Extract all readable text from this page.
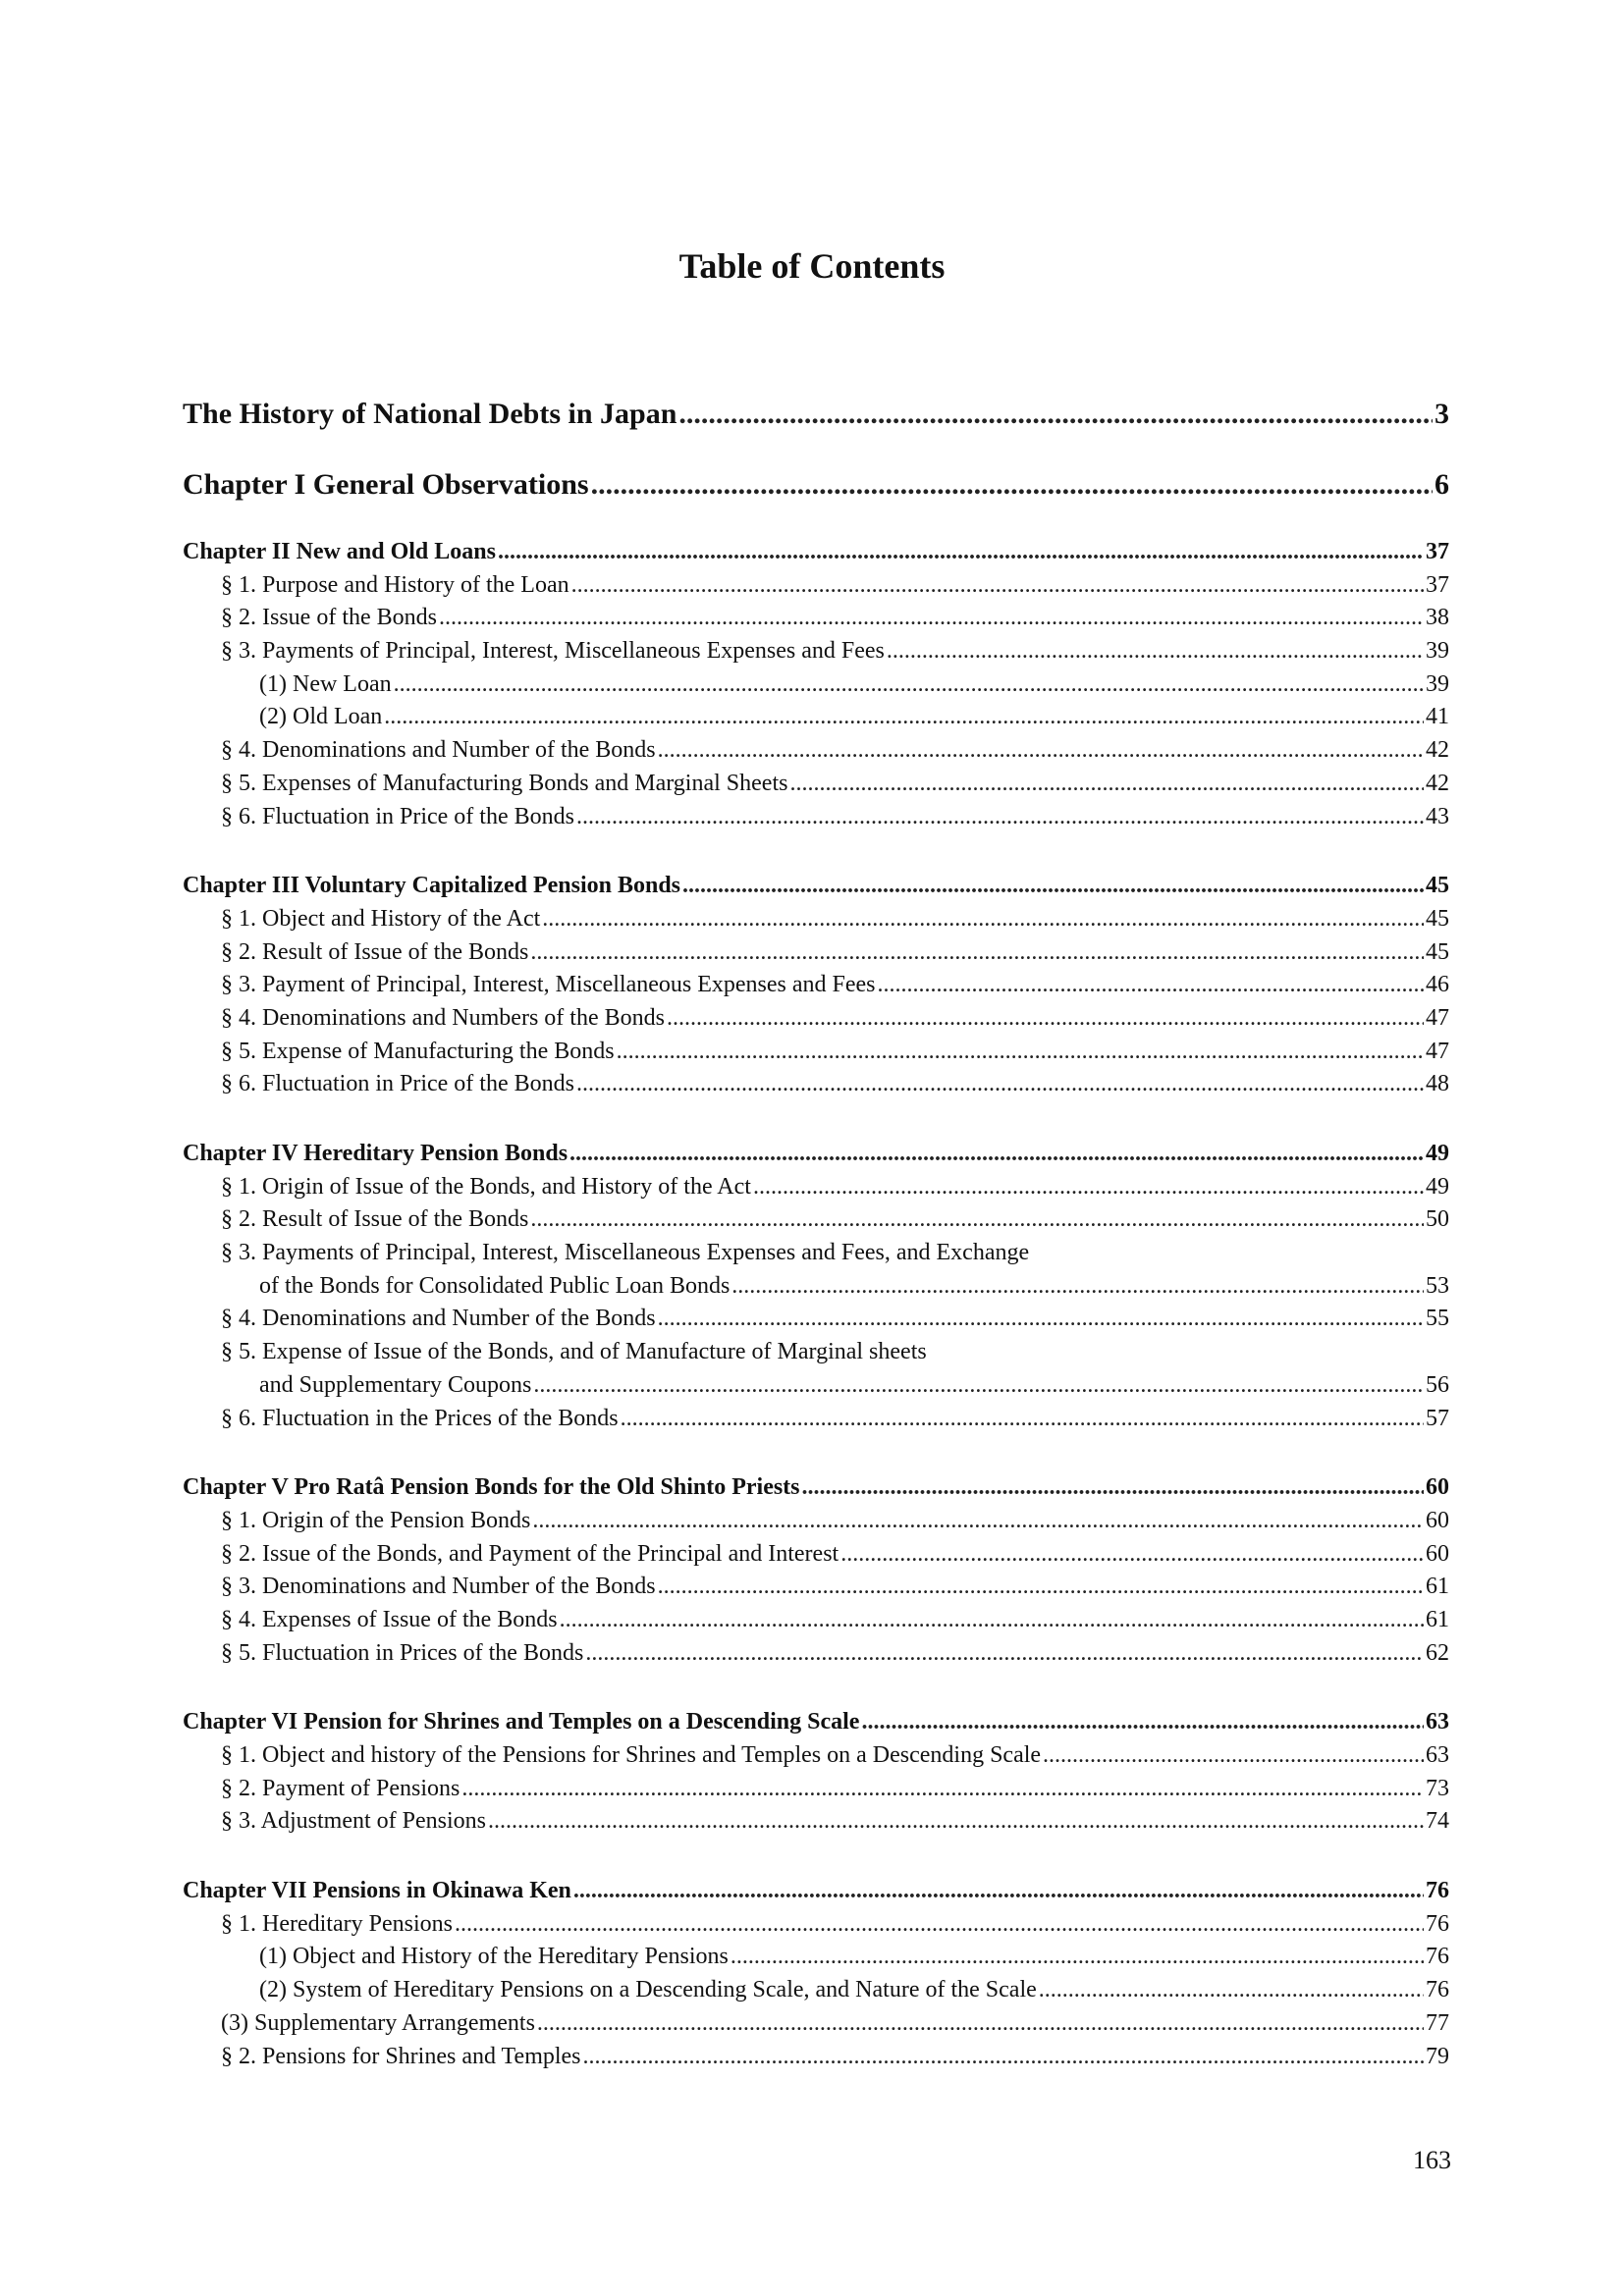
Table of Contents
The History of National Debts in Japan .....	3
Chapter I General Observations .....	6
Chapter II New and Old Loans .....	37
§ 1. Purpose and History of the Loan .....	37
§ 2. Issue of the Bonds .....	38
§ 3. Payments of Principal, Interest, Miscellaneous Expenses and Fees .....	39
(1) New Loan .....	39
(2) Old Loan .....	41
§ 4. Denominations and Number of the Bonds .....	42
§ 5. Expenses of Manufacturing Bonds and Marginal Sheets .....	42
§ 6. Fluctuation in Price of the Bonds .....	43
Chapter III Voluntary Capitalized Pension Bonds .....	45
§ 1. Object and History of the Act .....	45
§ 2. Result of Issue of the Bonds .....	45
§ 3. Payment of Principal, Interest, Miscellaneous Expenses and Fees .....	46
§ 4. Denominations and Numbers of the Bonds .....	47
§ 5. Expense of Manufacturing the Bonds .....	47
§ 6. Fluctuation in Price of the Bonds .....	48
Chapter IV Hereditary Pension Bonds .....	49
§ 1. Origin of Issue of the Bonds, and History of the Act .....	49
§ 2. Result of Issue of the Bonds .....	50
§ 3. Payments of Principal, Interest, Miscellaneous Expenses and Fees, and Exchange
of the Bonds for Consolidated Public Loan Bonds .....	53
§ 4. Denominations and Number of the Bonds .....	55
§ 5. Expense of Issue of the Bonds, and of Manufacture of Marginal sheets
and Supplementary Coupons .....	56
§ 6. Fluctuation in the Prices of the Bonds .....	57
Chapter V Pro Ratâ Pension Bonds for the Old Shinto Priests .....	60
§ 1. Origin of the Pension Bonds .....	60
§ 2. Issue of the Bonds, and Payment of the Principal and Interest .....	60
§ 3. Denominations and Number of the Bonds .....	61
§ 4. Expenses of Issue of the Bonds .....	61
§ 5. Fluctuation in Prices of the Bonds .....	62
Chapter VI Pension for Shrines and Temples on a Descending Scale .....	63
§ 1. Object and history of the Pensions for Shrines and Temples on a Descending Scale .....	63
§ 2. Payment of Pensions .....	73
§ 3. Adjustment of Pensions .....	74
Chapter VII Pensions in Okinawa Ken .....	76
§ 1. Hereditary Pensions .....	76
(1) Object and History of the Hereditary Pensions .....	76
(2) System of Hereditary Pensions on a Descending Scale, and Nature of the Scale .....	76
(3) Supplementary Arrangements .....	77
§ 2. Pensions for Shrines and Temples .....	79
163
